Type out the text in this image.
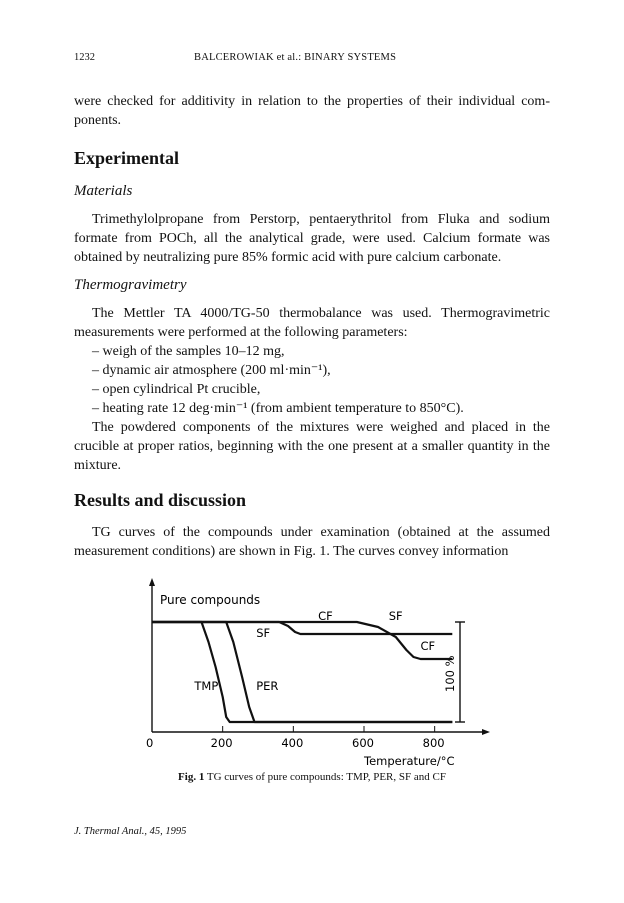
1232	BALCEROWIAK et al.: BINARY SYSTEMS

were checked for additivity in relation to the properties of their individual com-ponents.

Experimental
Materials

Trimethylolpropane from Perstorp, pentaerythritol from Fluka and sodium formate from POCh, all the analytical grade, were used. Calcium formate was obtained by neutralizing pure 85% formic acid with pure calcium carbonate.

Thermogravimetry

The Mettler TA 4000/TG-50 thermobalance was used. Thermogravimetric measurements were performed at the following parameters:

– weigh of the samples 10–12 mg,
– dynamic air atmosphere (200 ml·min⁻¹),
– open cylindrical Pt crucible,
– heating rate 12 deg·min⁻¹ (from ambient temperature to 850°C).

The powdered components of the mixtures were weighed and placed in the crucible at proper ratios, beginning with the one present at a smaller quantity in the mixture.

Results and discussion

TG curves of the compounds under examination (obtained at the assumed measurement conditions) are shown in Fig. 1. The curves convey information

Pure compounds
0	200	400	600	800
Temperature/°C
100 %
TMP	PER
SF
CF	SF
CF
Fig. 1 TG curves of pure compounds: TMP, PER, SF and CF
J. Thermal Anal., 45, 1995
